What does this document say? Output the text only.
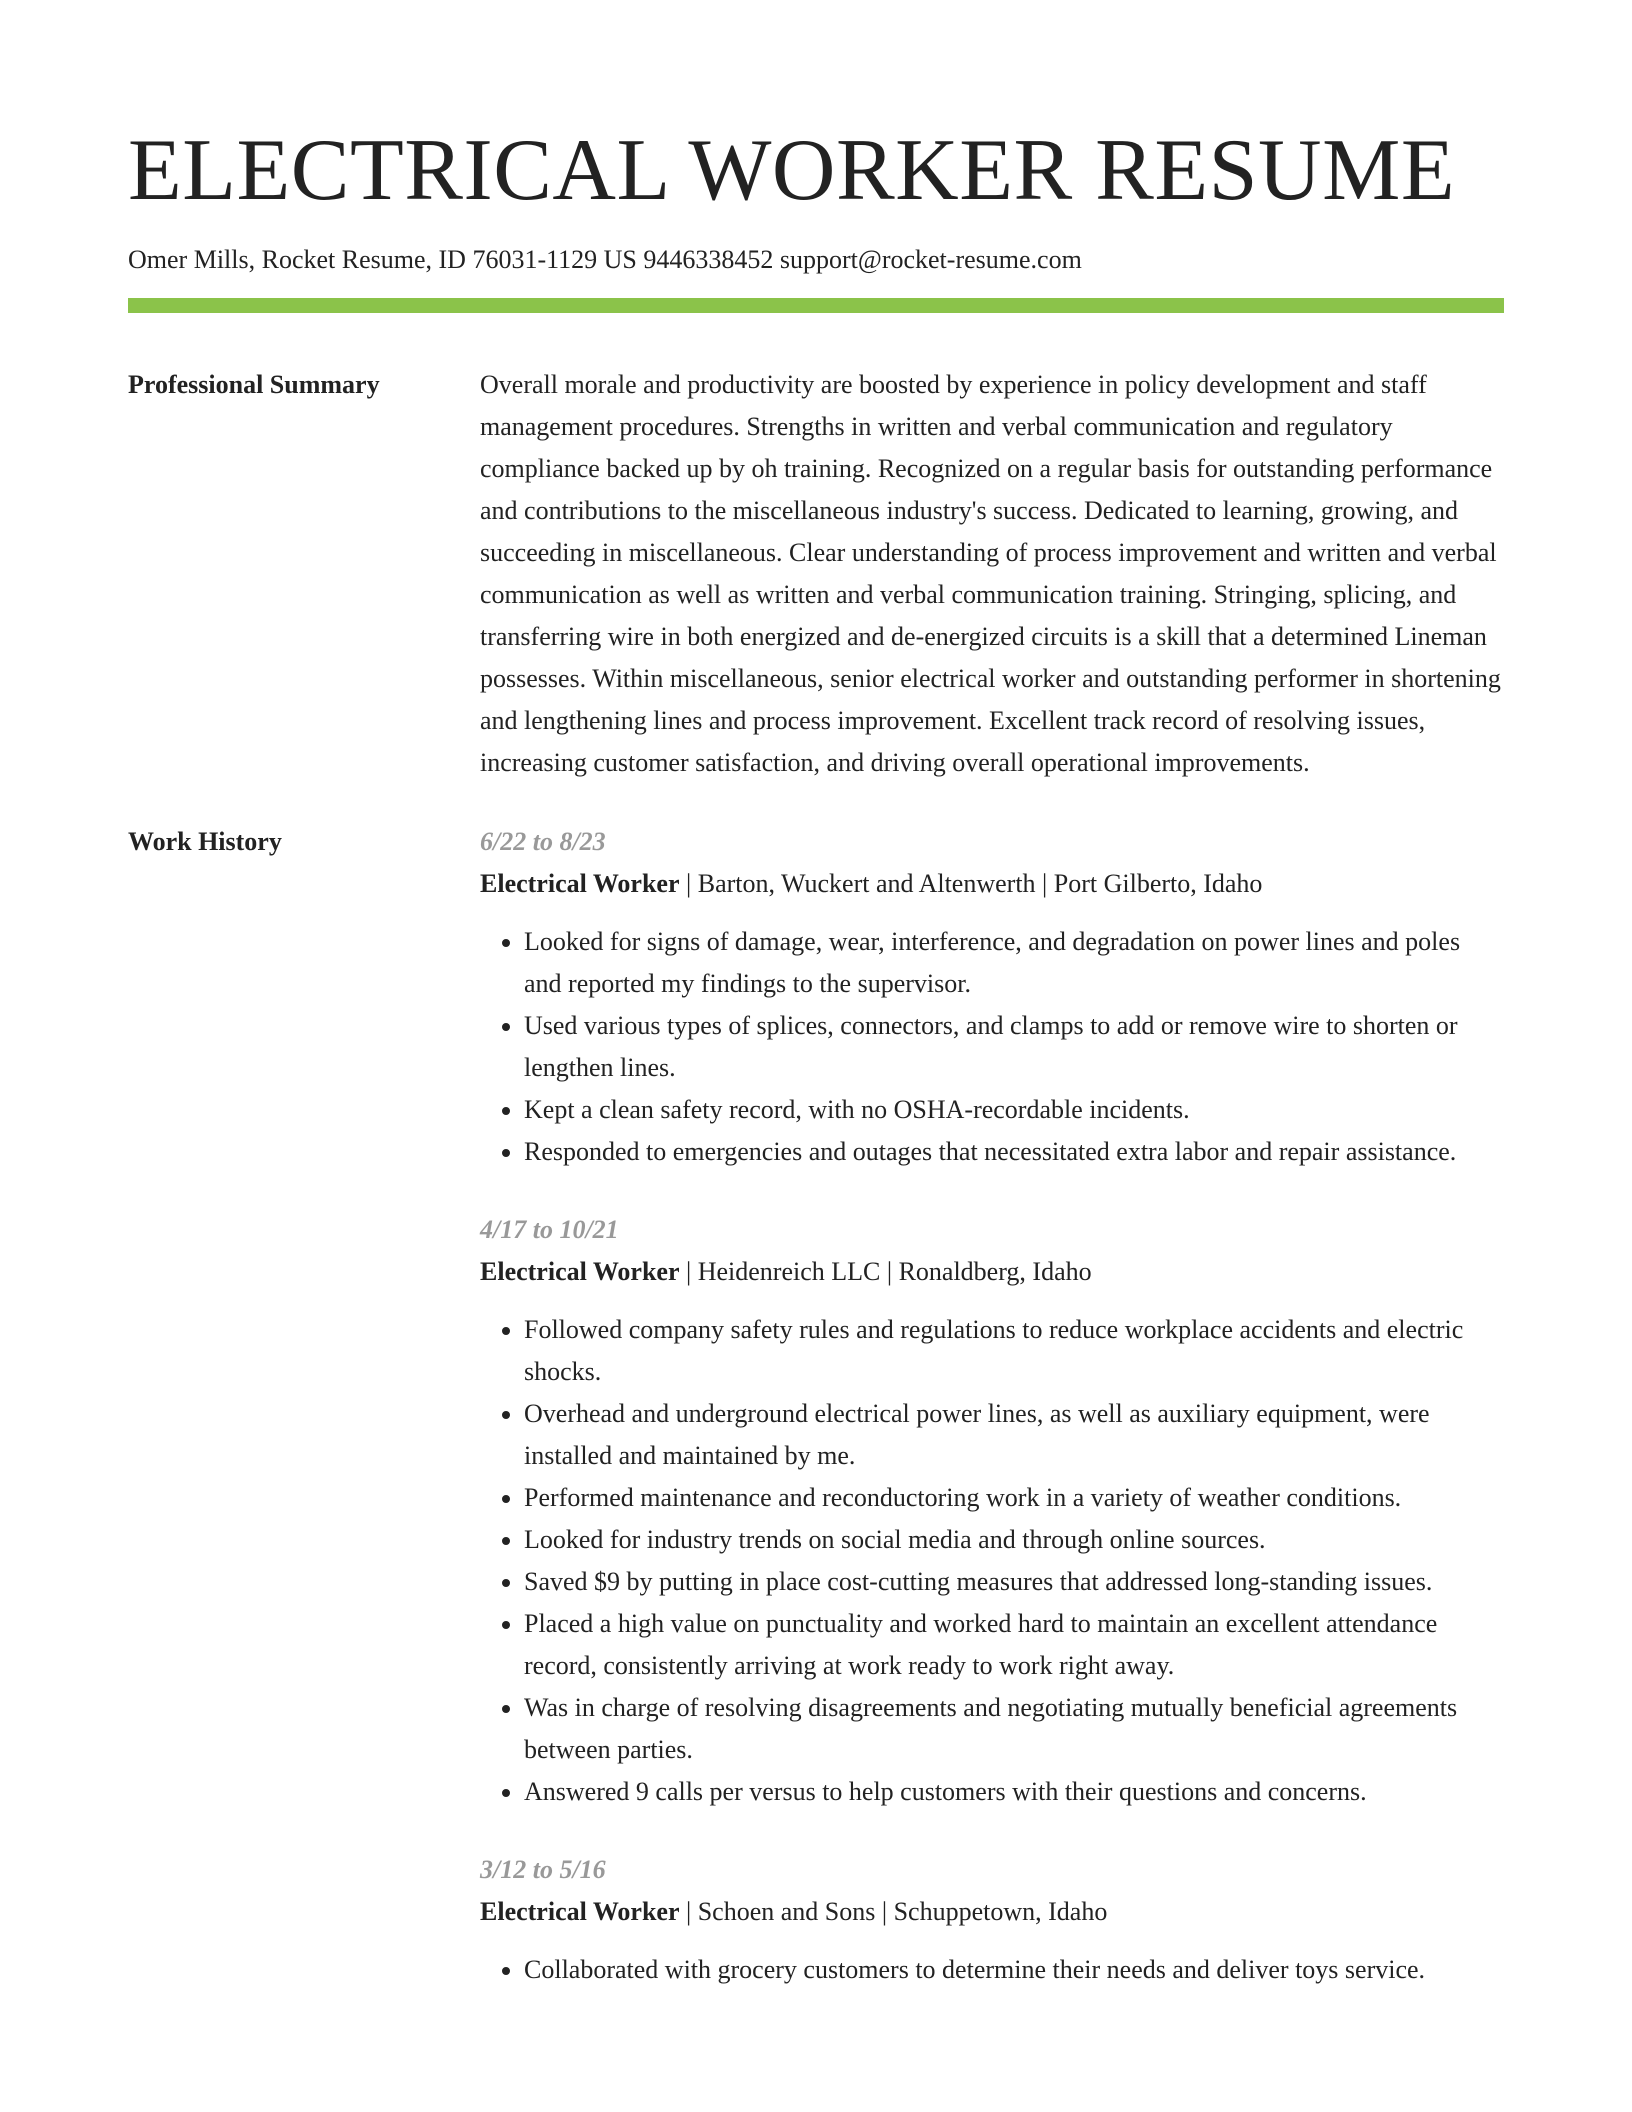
ELECTRICAL WORKER RESUME
Omer Mills, Rocket Resume, ID 76031-1129 US 9446338452 support@rocket-resume.com
Professional Summary	Overall morale and productivity are boosted by experience in policy development and staff management procedures. Strengths in written and verbal communication and regulatory compliance backed up by oh training. Recognized on a regular basis for outstanding performance and contributions to the miscellaneous industry's success. Dedicated to learning, growing, and succeeding in miscellaneous. Clear understanding of process improvement and written and verbal communication as well as written and verbal communication training. Stringing, splicing, and transferring wire in both energized and de-energized circuits is a skill that a determined Lineman possesses. Within miscellaneous, senior electrical worker and outstanding performer in shortening and lengthening lines and process improvement. Excellent track record of resolving issues, increasing customer satisfaction, and driving overall operational improvements.
Work History	6/22 to 8/23
Electrical Worker | Barton, Wuckert and Altenwerth | Port Gilberto, Idaho
• Looked for signs of damage, wear, interference, and degradation on power lines and poles and reported my findings to the supervisor.
• Used various types of splices, connectors, and clamps to add or remove wire to shorten or lengthen lines.
• Kept a clean safety record, with no OSHA-recordable incidents.
• Responded to emergencies and outages that necessitated extra labor and repair assistance.
4/17 to 10/21
Electrical Worker | Heidenreich LLC | Ronaldberg, Idaho
• Followed company safety rules and regulations to reduce workplace accidents and electric shocks.
• Overhead and underground electrical power lines, as well as auxiliary equipment, were installed and maintained by me.
• Performed maintenance and reconductoring work in a variety of weather conditions.
• Looked for industry trends on social media and through online sources.
• Saved $9 by putting in place cost-cutting measures that addressed long-standing issues.
• Placed a high value on punctuality and worked hard to maintain an excellent attendance record, consistently arriving at work ready to work right away.
• Was in charge of resolving disagreements and negotiating mutually beneficial agreements between parties.
• Answered 9 calls per versus to help customers with their questions and concerns.
3/12 to 5/16
Electrical Worker | Schoen and Sons | Schuppetown, Idaho
• Collaborated with grocery customers to determine their needs and deliver toys service.
